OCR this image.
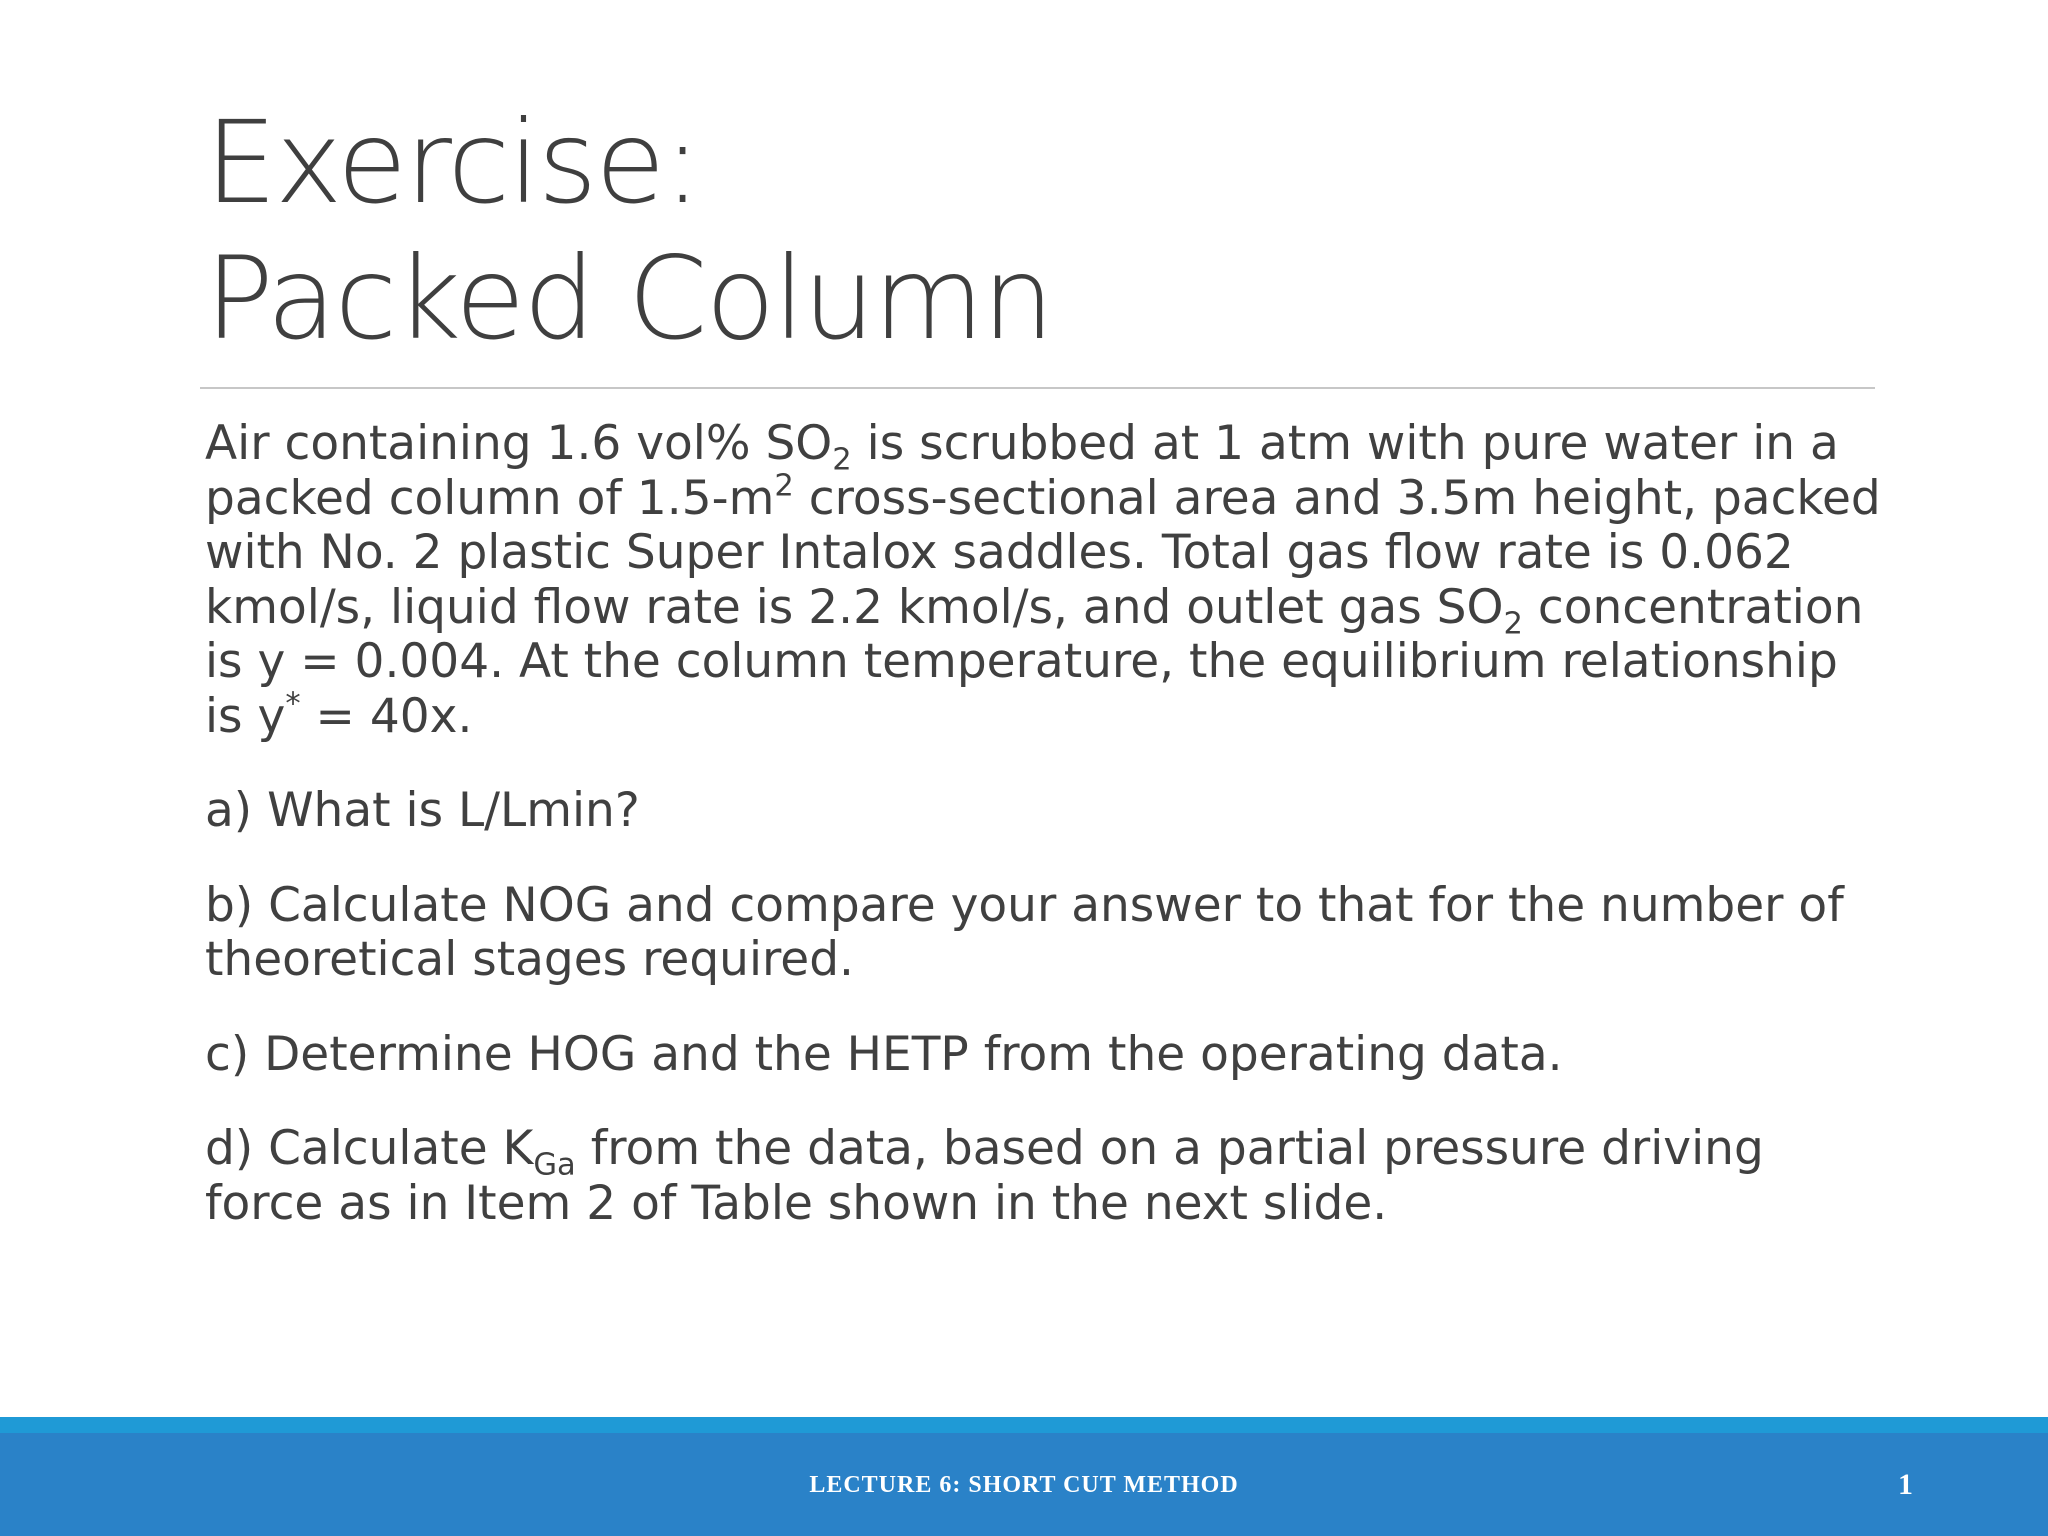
Exercise:
Packed Column

Air containing 1.6 vol% $SO_2$ is scrubbed at 1 atm with pure water in a packed column of $1.5-m^2$ cross-sectional area and 3.5m height, packed with No. 2 plastic Super Intalox saddles. Total gas flow rate is 0.062 kmol/s, liquid flow rate is 2.2 kmol/s, and outlet gas $SO_2$ concentration is y = 0.004. At the column temperature, the equilibrium relationship is y* = 40x.

a) What is L/Lmin?

b) Calculate NOG and compare your answer to that for the number of theoretical stages required.

c) Determine HOG and the HETP from the operating data.

d) Calculate $K_{Ga}$ from the data, based on a partial pressure driving force as in Item 2 of Table shown in the next slide.

LECTURE 6: SHORT CUT METHOD	1
